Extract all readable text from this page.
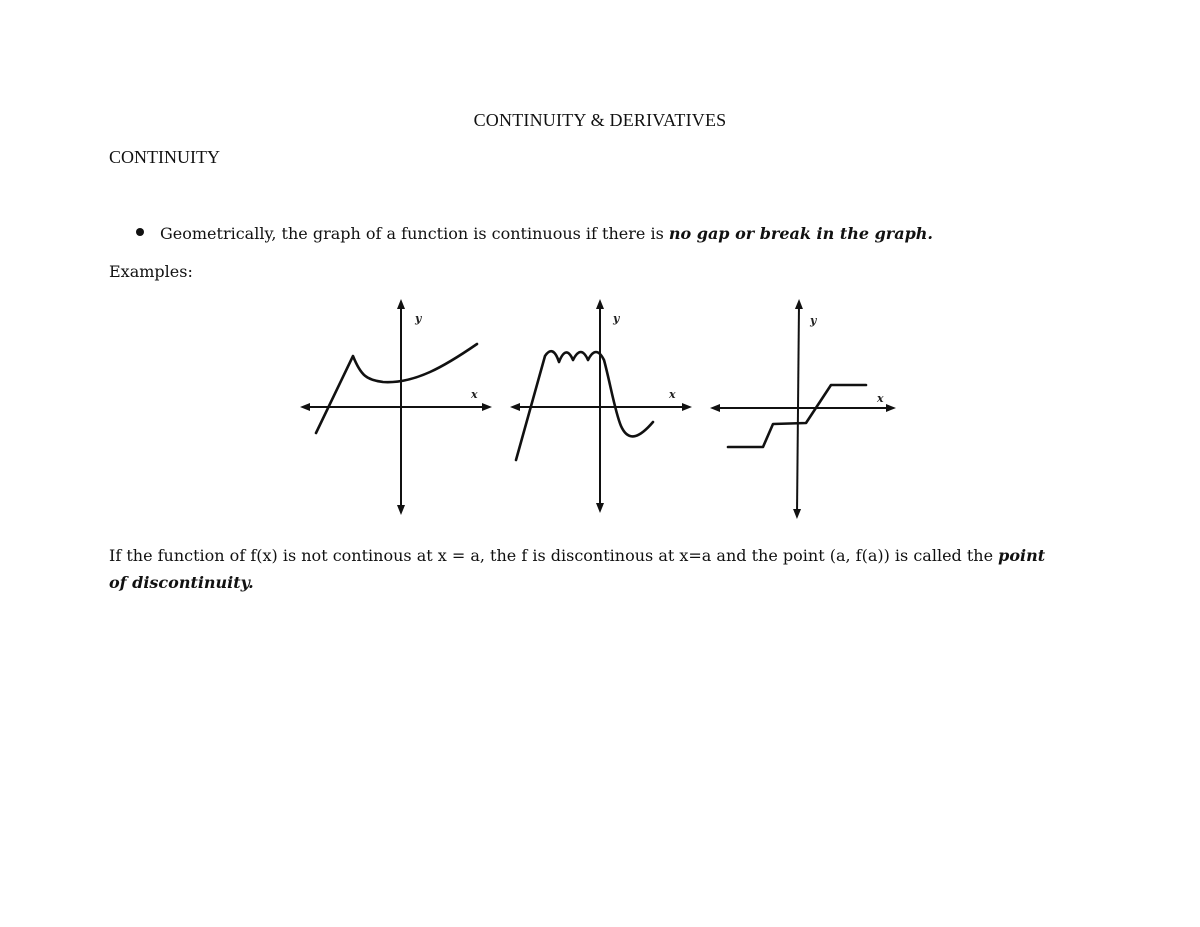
CONTINUITY & DERIVATIVES
CONTINUITY
Geometrically, the graph of a function is continuous if there is no gap or break in the graph.
Examples:
y
x
y
x
y
x
If the function of f(x) is not continous at x = a, the f is discontinous at x=a and the point (a, f(a)) is called the point of discontinuity.
